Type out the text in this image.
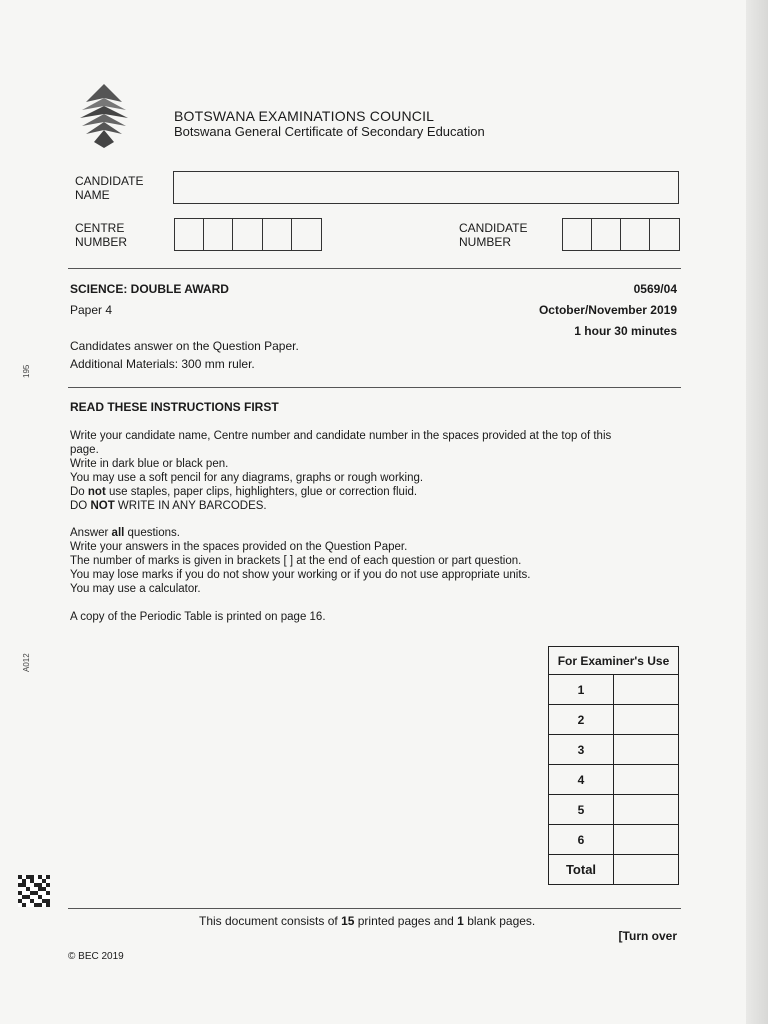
BOTSWANA EXAMINATIONS COUNCIL
Botswana General Certificate of Secondary Education
CANDIDATE
NAME
CENTRE
NUMBER
CANDIDATE
NUMBER
SCIENCE: DOUBLE AWARD	0569/04
Paper 4	October/November 2019
1 hour 30 minutes
Candidates answer on the Question Paper.
Additional Materials: 300 mm ruler.
READ THESE INSTRUCTIONS FIRST
Write your candidate name, Centre number and candidate number in the spaces provided at the top of this
page.
Write in dark blue or black pen.
You may use a soft pencil for any diagrams, graphs or rough working.
Do not use staples, paper clips, highlighters, glue or correction fluid.
DO NOT WRITE IN ANY BARCODES.
Answer all questions.
Write your answers in the spaces provided on the Question Paper.
The number of marks is given in brackets [ ] at the end of each question or part question.
You may lose marks if you do not show your working or if you do not use appropriate units.
You may use a calculator.
A copy of the Periodic Table is printed on page 16.
For Examiner's Use	
1	
2	
3	
4	
5	
6	
Total	
This document consists of 15 printed pages and 1 blank pages.
[Turn over
© BEC 2019
195
A012
